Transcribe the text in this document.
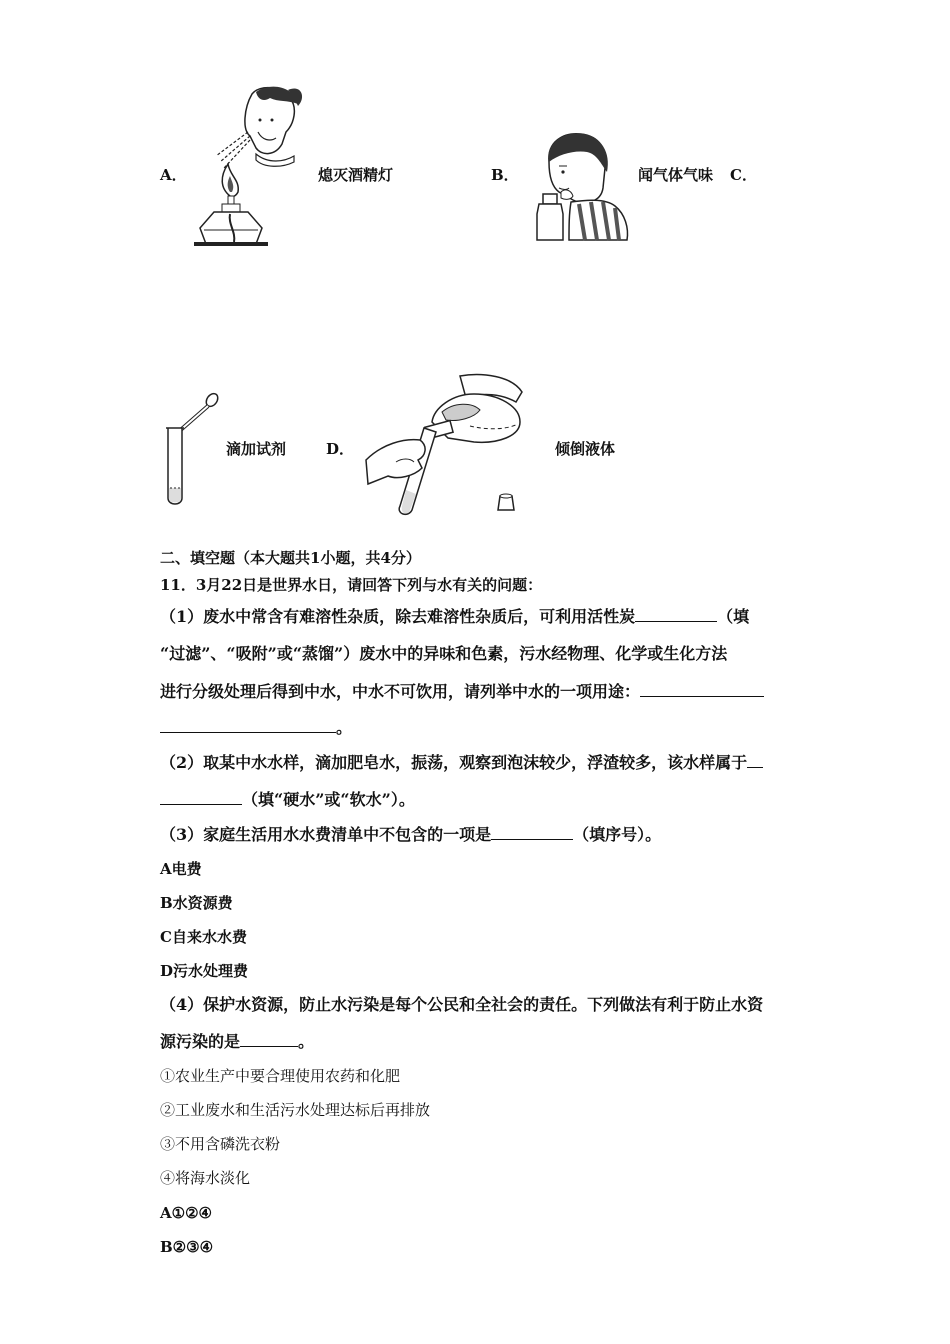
A．	熄灭酒精灯	B．	闻气体气味 C．
滴加试剂	D．	倾倒液体
二、填空题（本大题共1小题，共4分）
11．3月22日是世界水日，请回答下列与水有关的问题：
（1）废水中常含有难溶性杂质，除去难溶性杂质后，可利用活性炭	（填
“过滤”、“吸附”或“蒸馏”）废水中的异味和色素，污水经物理、化学或生化方法
进行分级处理后得到中水，中水不可饮用，请列举中水的一项用途：
。
（2）取某中水水样，滴加肥皂水，振荡，观察到泡沫较少，浮渣较多，该水样属于
（填“硬水”或“软水”）。
（3）家庭生活用水水费清单中不包含的一项是	（填序号）。
A电费
B水资源费
C自来水水费
D污水处理费
（4）保护水资源，防止水污染是每个公民和全社会的责任。下列做法有利于防止水资
源污染的是	。
①农业生产中要合理使用农药和化肥
②工业废水和生活污水处理达标后再排放
③不用含磷洗衣粉
④将海水淡化
A①②④
B②③④
